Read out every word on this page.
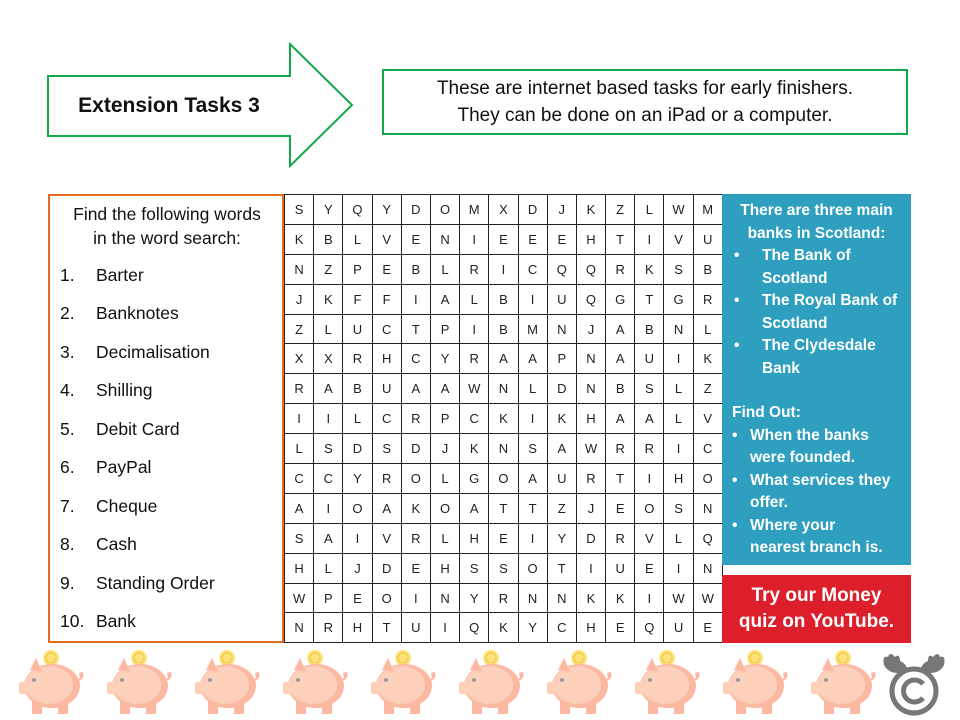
Extension Tasks 3
These are internet based tasks for early finishers.
They can be done on an iPad or a computer.
Find the following words
in the word search:
1.	Barter
2.	Banknotes
3.	Decimalisation
4.	Shilling
5.	Debit Card
6.	PayPal
7.	Cheque
8.	Cash
9.	Standing Order
10. Bank
S	Y	Q	Y	D	O	M	X	D	J	K	Z	L	W	M
K	B	L	V	E	N	I	E	E	E	H	T	I	V	U
N	Z	P	E	B	L	R	I	C	Q	Q	R	K	S	B
J	K	F	F	I	A	L	B	I	U	Q	G	T	G	R
Z	L	U	C	T	P	I	B	M	N	J	A	B	N	L
X	X	R	H	C	Y	R	A	A	P	N	A	U	I	K
R	A	B	U	A	A	W	N	L	D	N	B	S	L	Z
I	I	L	C	R	P	C	K	I	K	H	A	A	L	V
L	S	D	S	D	J	K	N	S	A	W	R	R	I	C
C	C	Y	R	O	L	G	O	A	U	R	T	I	H	O
A	I	O	A	K	O	A	T	T	Z	J	E	O	S	N
S	A	I	V	R	L	H	E	I	Y	D	R	V	L	Q
H	L	J	D	E	H	S	S	O	T	I	U	E	I	N
W	P	E	O	I	N	Y	R	N	N	K	K	I	W	W
N	R	H	T	U	I	Q	K	Y	C	H	E	Q	U	E
There are three main
banks in Scotland:
•	The Bank of
Scotland
•	The Royal Bank of
Scotland
•	The Clydesdale
Bank
Find Out:
• When the banks
were founded.
• What services they
offer.
• Where your
nearest branch is.
Try our Money
quiz on YouTube.
